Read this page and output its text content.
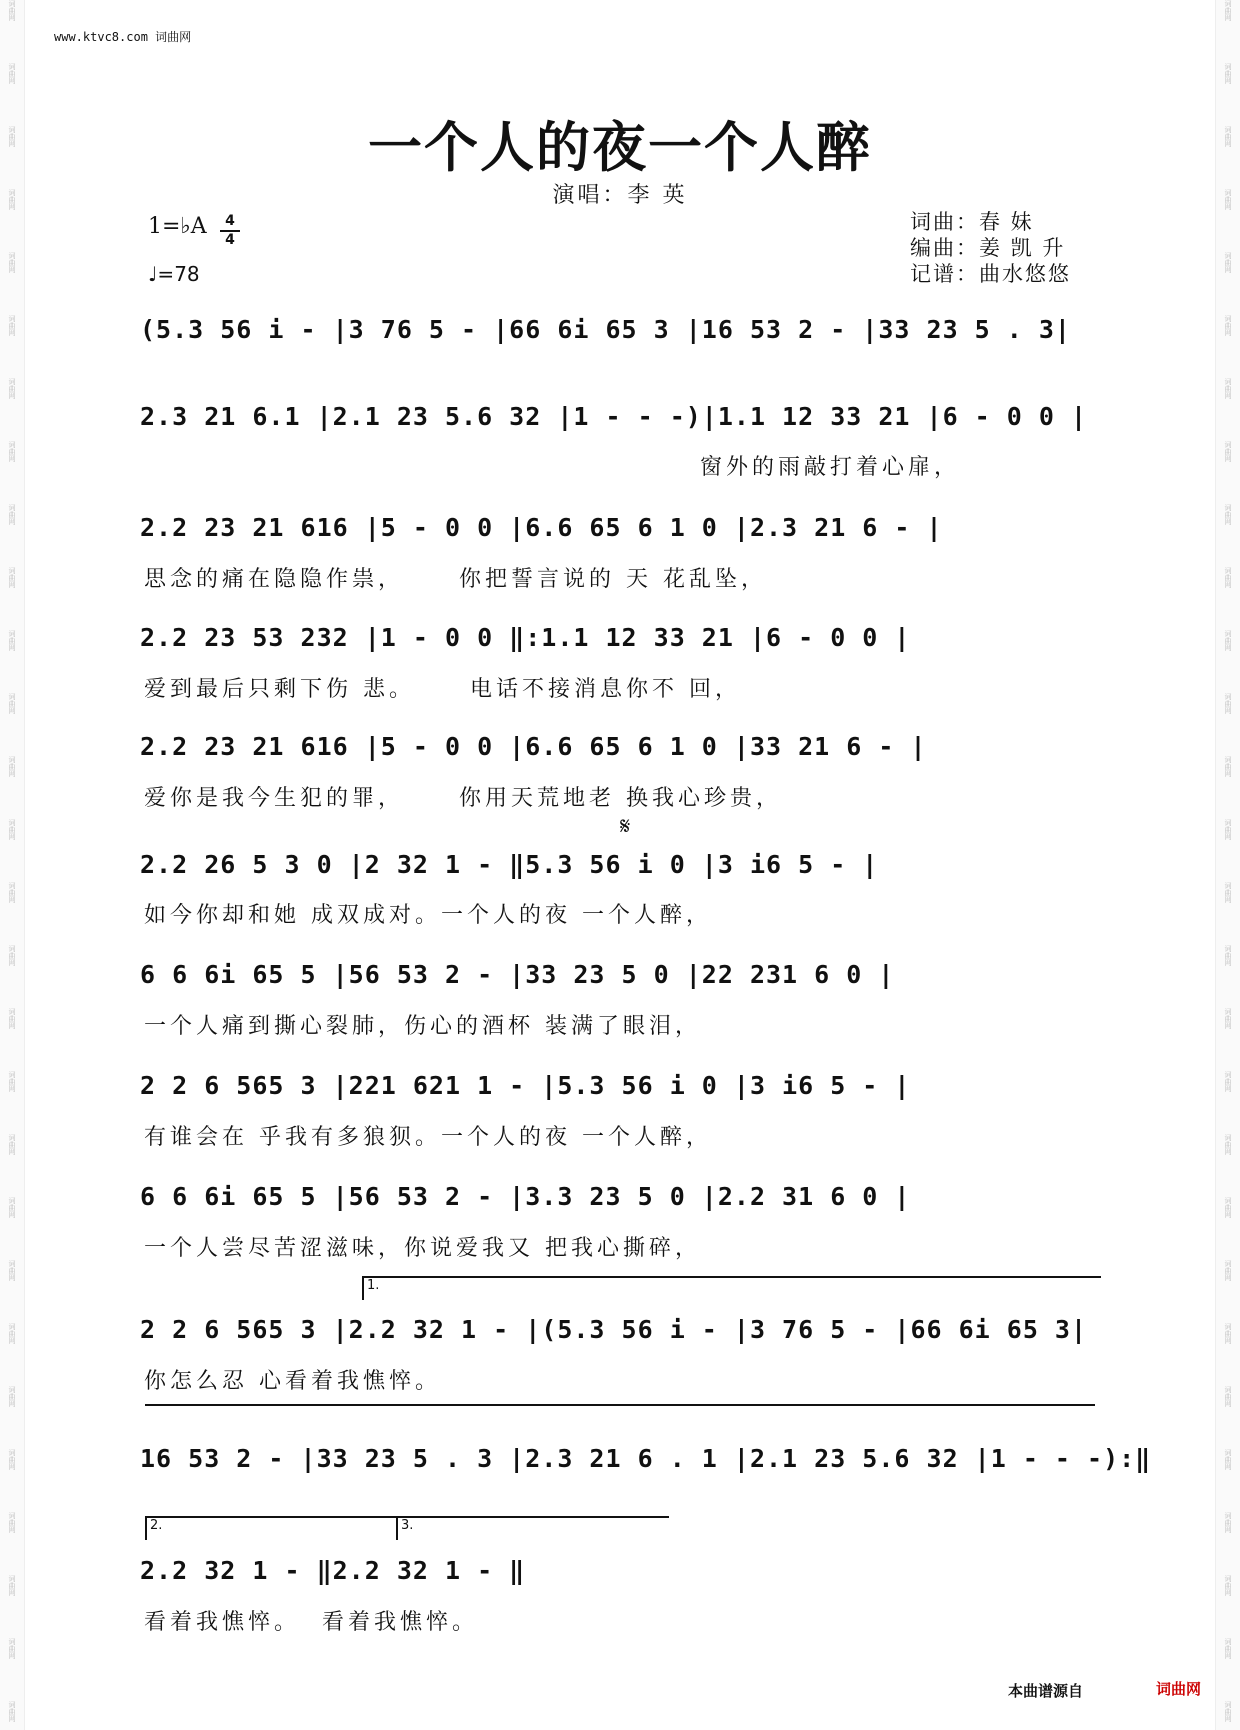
词曲网
词曲网
词曲网
词曲网
词曲网
词曲网
词曲网
词曲网
词曲网
词曲网
词曲网
词曲网
词曲网
词曲网
词曲网
词曲网
词曲网
词曲网
词曲网
词曲网
词曲网
词曲网
词曲网
词曲网
词曲网
词曲网
词曲网
词曲网
词曲网
词曲网
词曲网
词曲网
词曲网
词曲网
词曲网
词曲网
词曲网
词曲网
词曲网
词曲网
词曲网
词曲网
词曲网
词曲网
词曲网
词曲网
词曲网
词曲网
词曲网
词曲网
词曲网
词曲网
词曲网
词曲网
词曲网
词曲网
www.ktvc8.com 词曲网
一个人的夜一个人醉
演唱：李 英
1=♭A	4
4
♩=78
词曲：春 妹
编曲：姜 凯 升
记谱：曲水悠悠
(5.3 56 i - |3 76 5 - |66 6i 65 3 |16 53 2 - |33 23 5 . 3|
2.3 21 6.1 |2.1 23 5.6 32 |1 - - -)|1.1 12 33 21 |6 - 0 0 |
窗外的雨敲打着心扉，
2.2 23 21 616 |5 - 0 0 |6.6 65 6 1 0 |2.3 21 6 - |
思念的痛在隐隐作祟，     你把誓言说的 天 花乱坠，
2.2 23 53 232 |1 - 0 0 ‖:1.1 12 33 21 |6 - 0 0 |
爱到最后只剩下伤 悲。     电话不接消息你不 回，
2.2 23 21 616 |5 - 0 0 |6.6 65 6 1 0 |33 21 6 - |
爱你是我今生犯的罪，     你用天荒地老 换我心珍贵，
𝄋
2.2 26 5 3 0 |2 32 1 - ‖5.3 56 i 0 |3 i6 5 - |
如今你却和她 成双成对。一个人的夜 一个人醉，
6 6 6i 65 5 |56 53 2 - |33 23 5 0 |22 231 6 0 |
一个人痛到撕心裂肺，伤心的酒杯 装满了眼泪，
2 2 6 565 3 |221 621 1 - |5.3 56 i 0 |3 i6 5 - |
有谁会在 乎我有多狼狈。一个人的夜 一个人醉，
6 6 6i 65 5 |56 53 2 - |3.3 23 5 0 |2.2 31 6 0 |
一个人尝尽苦涩滋味，你说爱我又 把我心撕碎，
1.
2 2 6 565 3 |2.2 32 1 - |(5.3 56 i - |3 76 5 - |66 6i 65 3|
你怎么忍 心看着我憔悴。
16 53 2 - |33 23 5 . 3 |2.3 21 6 . 1 |2.1 23 5.6 32 |1 - - -):‖
2.	3.
2.2 32 1 - ‖2.2 32 1 - ‖
看着我憔悴。  看着我憔悴。
本曲谱源自	词曲网
